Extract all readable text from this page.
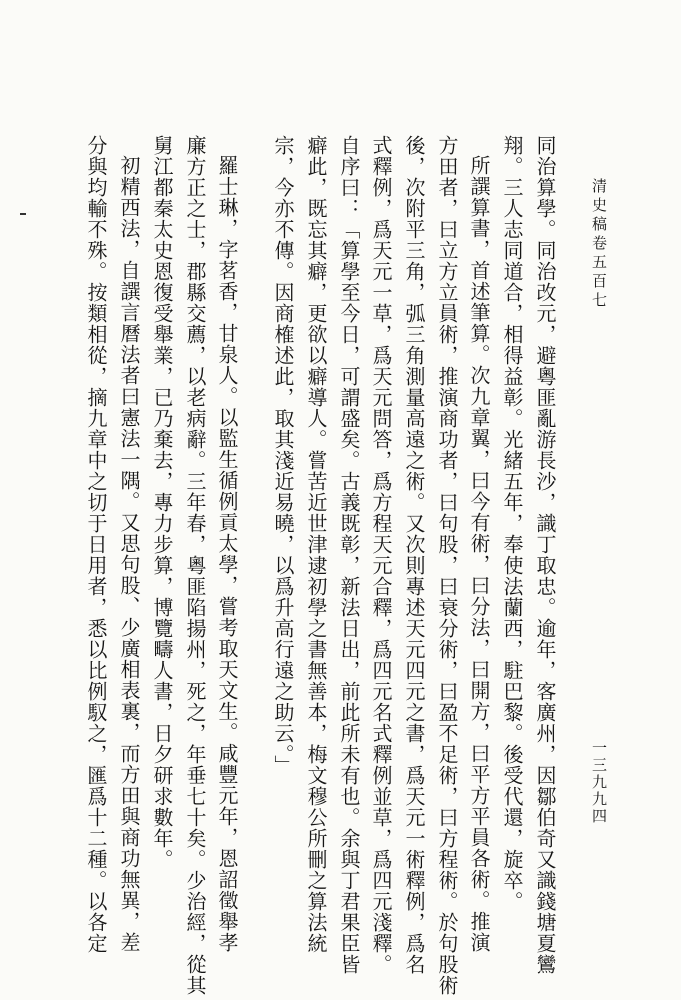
清史稿卷五百七
一三九九四
同治算學。同治改元，避粵匪亂游長沙，識丁取忠。逾年，客廣州，因鄒伯奇又識錢塘夏鸞
翔。三人志同道合，相得益彰。光緒五年，奉使法蘭西，駐巴黎。後受代還，旋卒。
所譔算書，首述筆算。次九章翼，曰今有術，曰分法，曰開方，曰平方平員各術。推演
方田者，曰立方立員術，推演商功者，曰句股，曰衰分術，曰盈不足術，曰方程術。於句股術
後，次附平三角，弧三角測量高遠之術。又次則專述天元四元之書，爲天元一術釋例，爲名
式釋例，爲天元一草，爲天元問答，爲方程天元合釋，爲四元名式釋例並草，爲四元淺釋。
自序曰：「算學至今日，可謂盛矣。古義既彰，新法日出，前此所未有也。余與丁君果臣皆
癖此，既忘其癖，更欲以癖導人。嘗苦近世津逮初學之書無善本，梅文穆公所刪之算法統
宗，今亦不傳。因商榷述此，取其淺近易曉，以爲升高行遠之助云。」
羅士琳，字茗香，甘泉人。以監生循例貢太學，嘗考取天文生。咸豐元年，恩詔徵舉孝
廉方正之士，郡縣交薦，以老病辭。三年春，粵匪陷揚州，死之，年垂七十矣。少治經，從其
舅江都秦太史恩復受舉業，已乃棄去，專力步算，博覽疇人書，日夕研求數年。
初精西法，自譔言曆法者曰憲法一隅。又思句股、少廣相表裏，而方田與商功無異，差
分與均輸不殊。按類相從，摘九章中之切于日用者，悉以比例馭之，匯爲十二種。以各定
